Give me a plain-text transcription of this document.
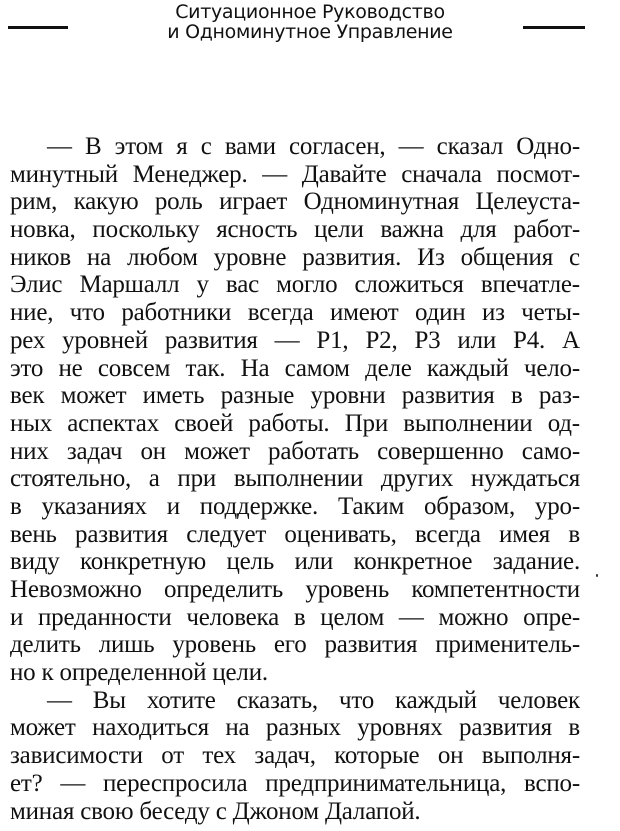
Ситуационное Руководство
и Одноминутное Управление
— В этом я с вами согласен, — сказал Одно-
минутный Менеджер. — Давайте сначала посмот-
рим, какую роль играет Одноминутная Целеуста-
новка, поскольку ясность цели важна для работ-
ников на любом уровне развития. Из общения с
Элис Маршалл у вас могло сложиться впечатле-
ние, что работники всегда имеют один из четы-
рех уровней развития — Р1, Р2, Р3 или Р4. А
это не совсем так. На самом деле каждый чело-
век может иметь разные уровни развития в раз-
ных аспектах своей работы. При выполнении од-
них задач он может работать совершенно само-
стоятельно, а при выполнении других нуждаться
в указаниях и поддержке. Таким образом, уро-
вень развития следует оценивать, всегда имея в
виду конкретную цель или конкретное задание.
Невозможно определить уровень компетентности
и преданности человека в целом — можно опре-
делить лишь уровень его развития применитель-
но к определенной цели.
— Вы хотите сказать, что каждый человек
может находиться на разных уровнях развития в
зависимости от тех задач, которые он выполня-
ет? — переспросила предпринимательница, вспо-
миная свою беседу с Джоном Далапой.
